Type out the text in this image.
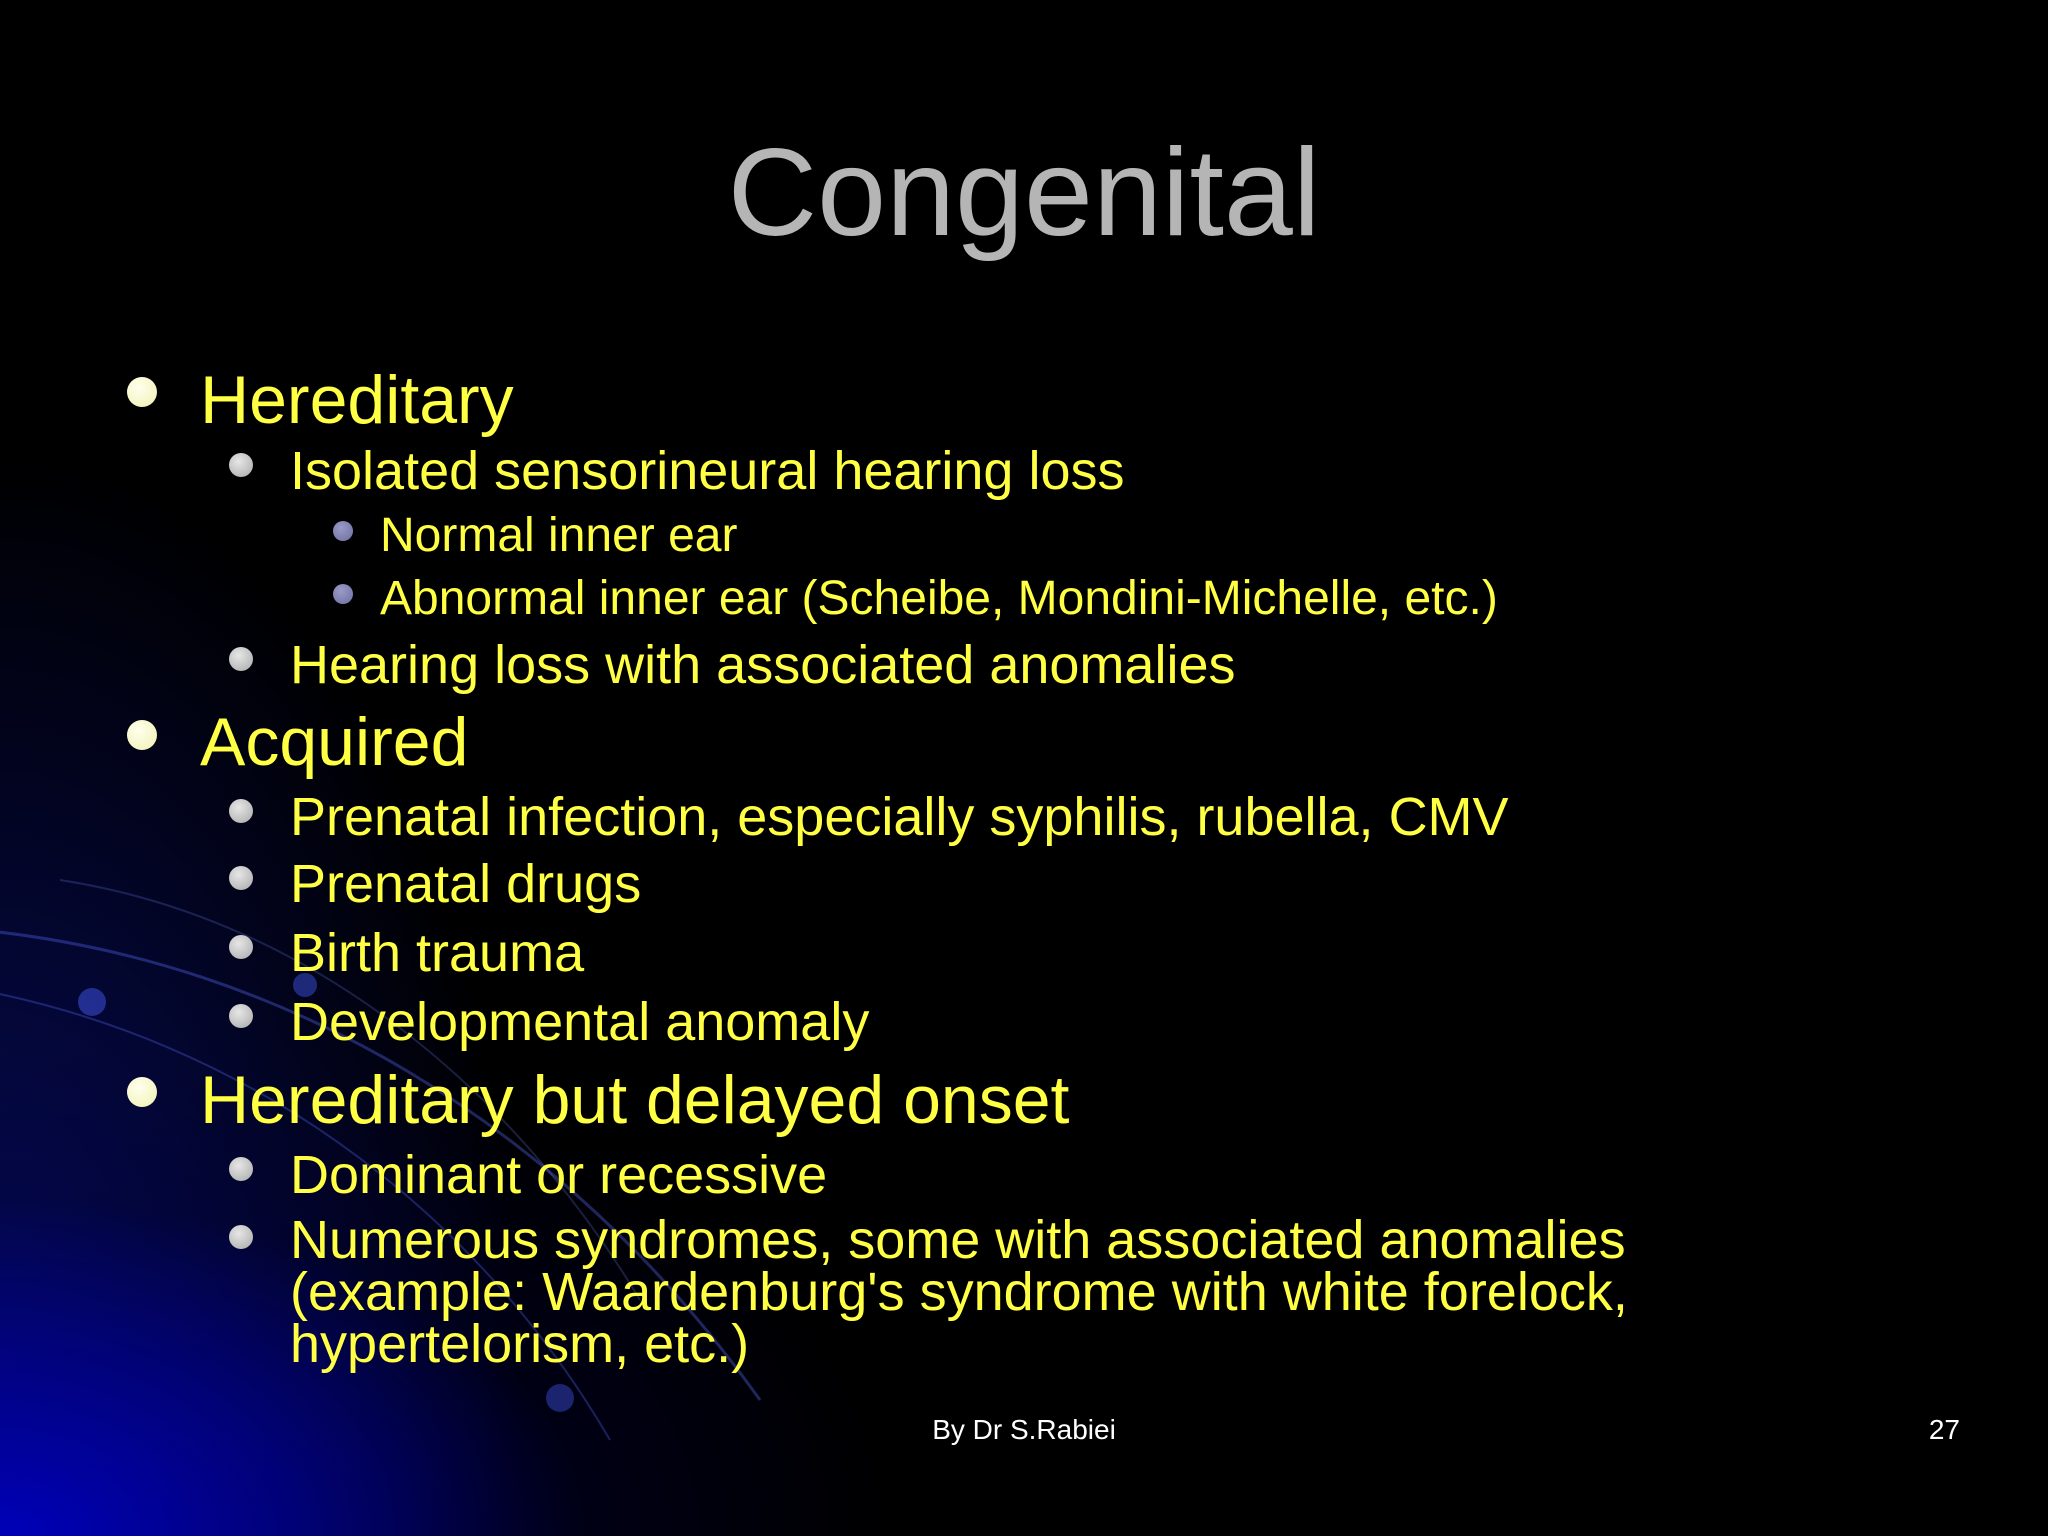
Congenital
Hereditary
Isolated sensorineural hearing loss
Normal inner ear
Abnormal inner ear (Scheibe, Mondini-Michelle, etc.)
Hearing loss with associated anomalies
Acquired
Prenatal infection, especially syphilis, rubella, CMV
Prenatal drugs
Birth trauma
Developmental anomaly
Hereditary but delayed onset
Dominant or recessive
Numerous syndromes, some with associated anomalies (example: Waardenburg's syndrome with white forelock, hypertelorism, etc.)
By Dr S.Rabiei	27
